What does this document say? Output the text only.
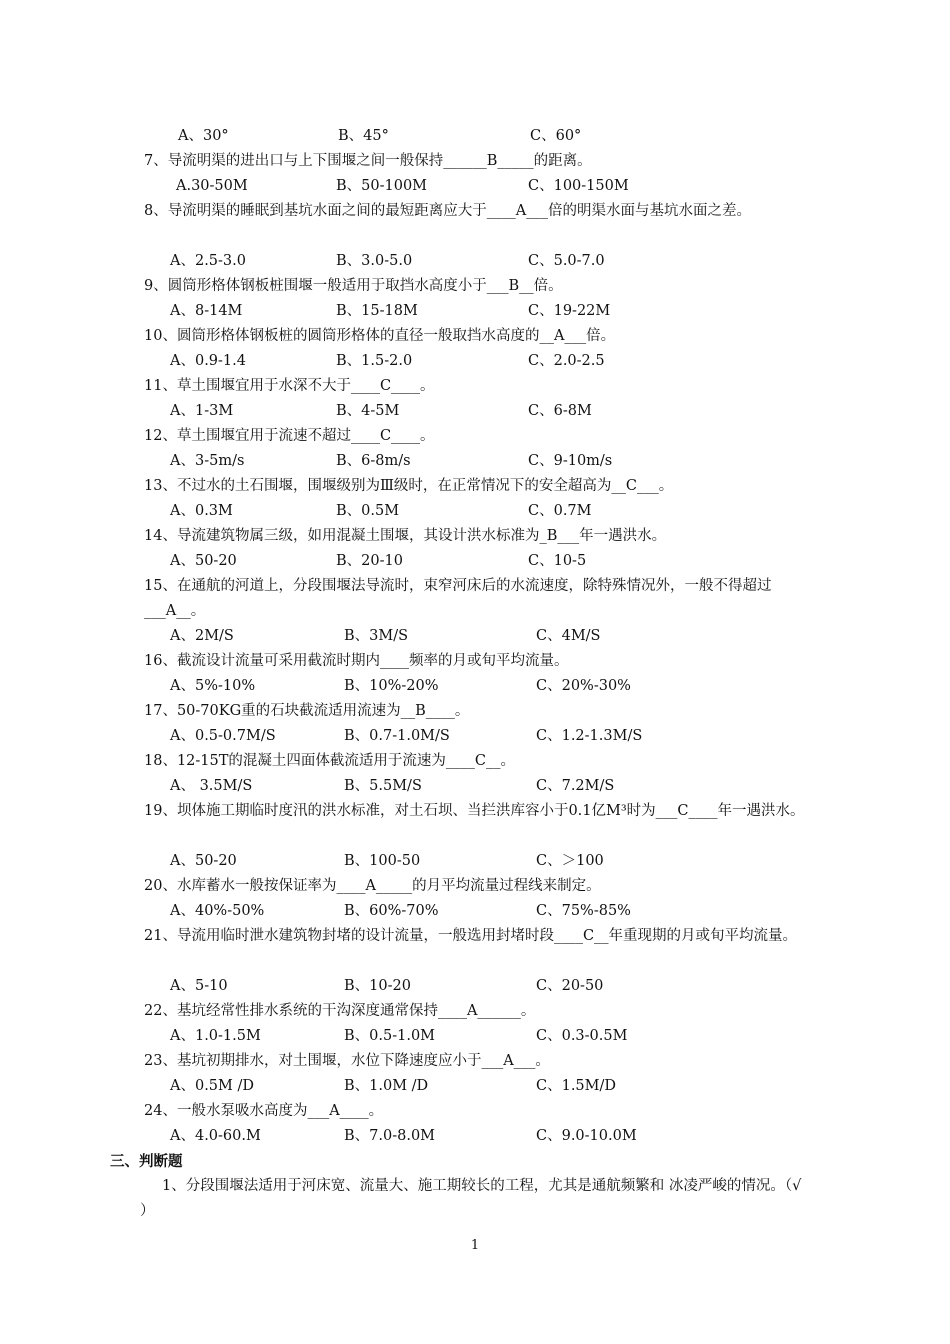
A、30°	B、45°	C、60°
7、导流明渠的进出口与上下围堰之间一般保持______B_____的距离。
A.30-50M	B、50-100M	C、100-150M
8、导流明渠的睡眠到基坑水面之间的最短距离应大于____A___倍的明渠水面与基坑水面之差。
A、2.5-3.0	B、3.0-5.0	C、5.0-7.0
9、圆筒形格体钢板桩围堰一般适用于取挡水高度小于___B__倍。
A、8-14M	B、15-18M	C、19-22M
10、圆筒形格体钢板桩的圆筒形格体的直径一般取挡水高度的__A___倍。
A、0.9-1.4	B、1.5-2.0	C、2.0-2.5
11、草土围堰宜用于水深不大于____C____。
A、1-3M	B、4-5M	C、6-8M
12、草土围堰宜用于流速不超过____C____。
A、3-5m/s	B、6-8m/s	C、9-10m/s
13、不过水的土石围堰，围堰级别为Ⅲ级时，在正常情况下的安全超高为__C___。
A、0.3M	B、0.5M	C、0.7M
14、导流建筑物属三级，如用混凝土围堰，其设计洪水标准为_B___年一遇洪水。
A、50-20	B、20-10	C、10-5
15、在通航的河道上，分段围堰法导流时，束窄河床后的水流速度，除特殊情况外，一般不得超过___A__。
A、2M/S	B、3M/S	C、4M/S
16、截流设计流量可采用截流时期内____频率的月或旬平均流量。
A、5%-10%	B、10%-20%	C、20%-30%
17、50-70KG重的石块截流适用流速为__B____。
A、0.5-0.7M/S	B、0.7-1.0M/S	C、1.2-1.3M/S
18、12-15T的混凝土四面体截流适用于流速为____C__。
A、 3.5M/S	B、5.5M/S	C、7.2M/S
19、坝体施工期临时度汛的洪水标准，对土石坝、当拦洪库容小于0.1亿M³时为___C____年一遇洪水。
A、50-20	B、100-50	C、＞100
20、水库蓄水一般按保证率为____A_____的月平均流量过程线来制定。
A、40%-50%	B、60%-70%	C、75%-85%
21、导流用临时泄水建筑物封堵的设计流量，一般选用封堵时段____C__年重现期的月或旬平均流量。
A、5-10	B、10-20	C、20-50
22、基坑经常性排水系统的干沟深度通常保持____A______。
A、1.0-1.5M	B、0.5-1.0M	C、0.3-0.5M
23、基坑初期排水，对土围堰，水位下降速度应小于___A___。
A、0.5M /D	B、1.0M /D	C、1.5M/D
24、一般水泵吸水高度为___A____。
A、4.0-60.M	B、7.0-8.0M	C、9.0-10.0M
三、判断题
1、分段围堰法适用于河床宽、流量大、施工期较长的工程，尤其是通航频繁和 冰凌严峻的情况。（√ ）
1
